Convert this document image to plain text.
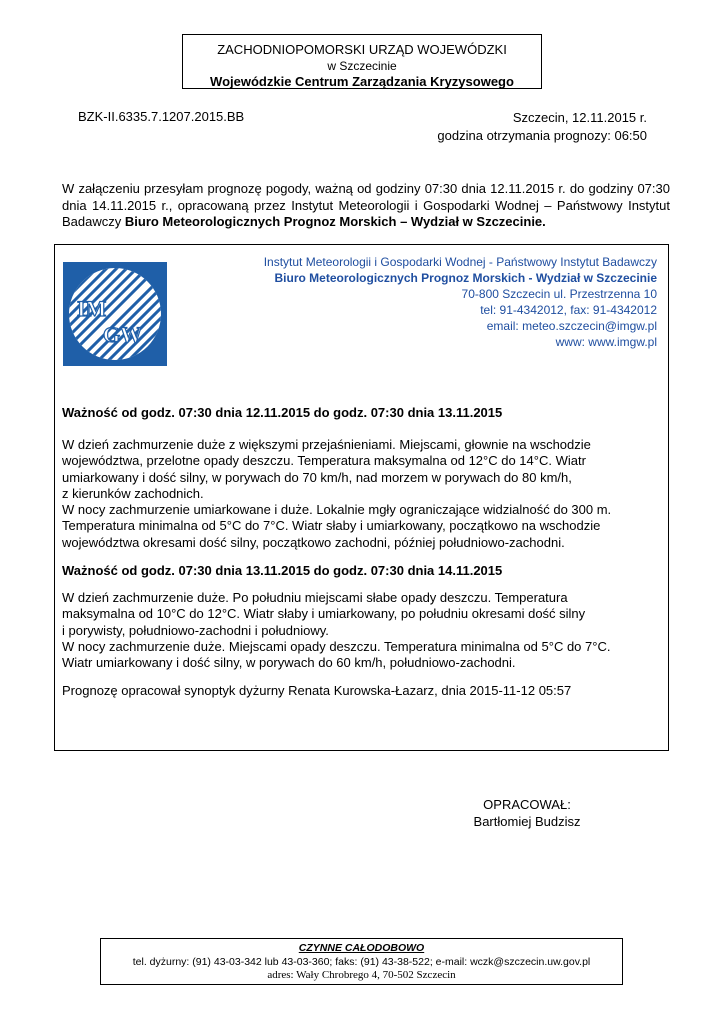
ZACHODNIOPOMORSKI URZĄD WOJEWÓDZKI
w Szczecinie
Wojewódzkie Centrum Zarządzania Kryzysowego
BZK-II.6335.7.1207.2015.BB	Szczecin, 12.11.2015 r.
godzina otrzymania prognozy: 06:50
W załączeniu przesyłam prognozę pogody, ważną od godziny 07:30 dnia 12.11.2015 r. do godziny 07:30 dnia 14.11.2015 r., opracowaną przez Instytut Meteorologii i Gospodarki Wodnej – Państwowy Instytut Badawczy Biuro Meteorologicznych Prognoz Morskich – Wydział w Szczecinie.
IM
GW
Instytut Meteorologii i Gospodarki Wodnej - Państwowy Instytut Badawczy
Biuro Meteorologicznych Prognoz Morskich - Wydział w Szczecinie
70-800 Szczecin ul. Przestrzenna 10
tel: 91-4342012, fax: 91-4342012
email: meteo.szczecin@imgw.pl
www: www.imgw.pl
Ważność od godz. 07:30 dnia 12.11.2015 do godz. 07:30 dnia 13.11.2015
W dzień zachmurzenie duże z większymi przejaśnieniami. Miejscami, głownie na wschodzie
województwa, przelotne opady deszczu. Temperatura maksymalna od 12°C do 14°C. Wiatr
umiarkowany i dość silny, w porywach do 70 km/h, nad morzem w porywach do 80 km/h,
z kierunków zachodnich.
W nocy zachmurzenie umiarkowane i duże. Lokalnie mgły ograniczające widzialność do 300 m.
Temperatura minimalna od 5°C do 7°C. Wiatr słaby i umiarkowany, początkowo na wschodzie
województwa okresami dość silny, początkowo zachodni, później południowo-zachodni.
Ważność od godz. 07:30 dnia 13.11.2015 do godz. 07:30 dnia 14.11.2015
W dzień zachmurzenie duże. Po południu miejscami słabe opady deszczu. Temperatura
maksymalna od 10°C do 12°C. Wiatr słaby i umiarkowany, po południu okresami dość silny
i porywisty, południowo-zachodni i południowy.
W nocy zachmurzenie duże. Miejscami opady deszczu. Temperatura minimalna od 5°C do 7°C.
Wiatr umiarkowany i dość silny, w porywach do 60 km/h, południowo-zachodni.
Prognozę opracował synoptyk dyżurny Renata Kurowska-Łazarz, dnia 2015-11-12 05:57
OPRACOWAŁ:
Bartłomiej Budzisz
CZYNNE CAŁODOBOWO
tel. dyżurny: (91) 43-03-342 lub 43-03-360; faks: (91) 43-38-522; e-mail: wczk@szczecin.uw.gov.pl
adres: Wały Chrobrego 4, 70-502 Szczecin
